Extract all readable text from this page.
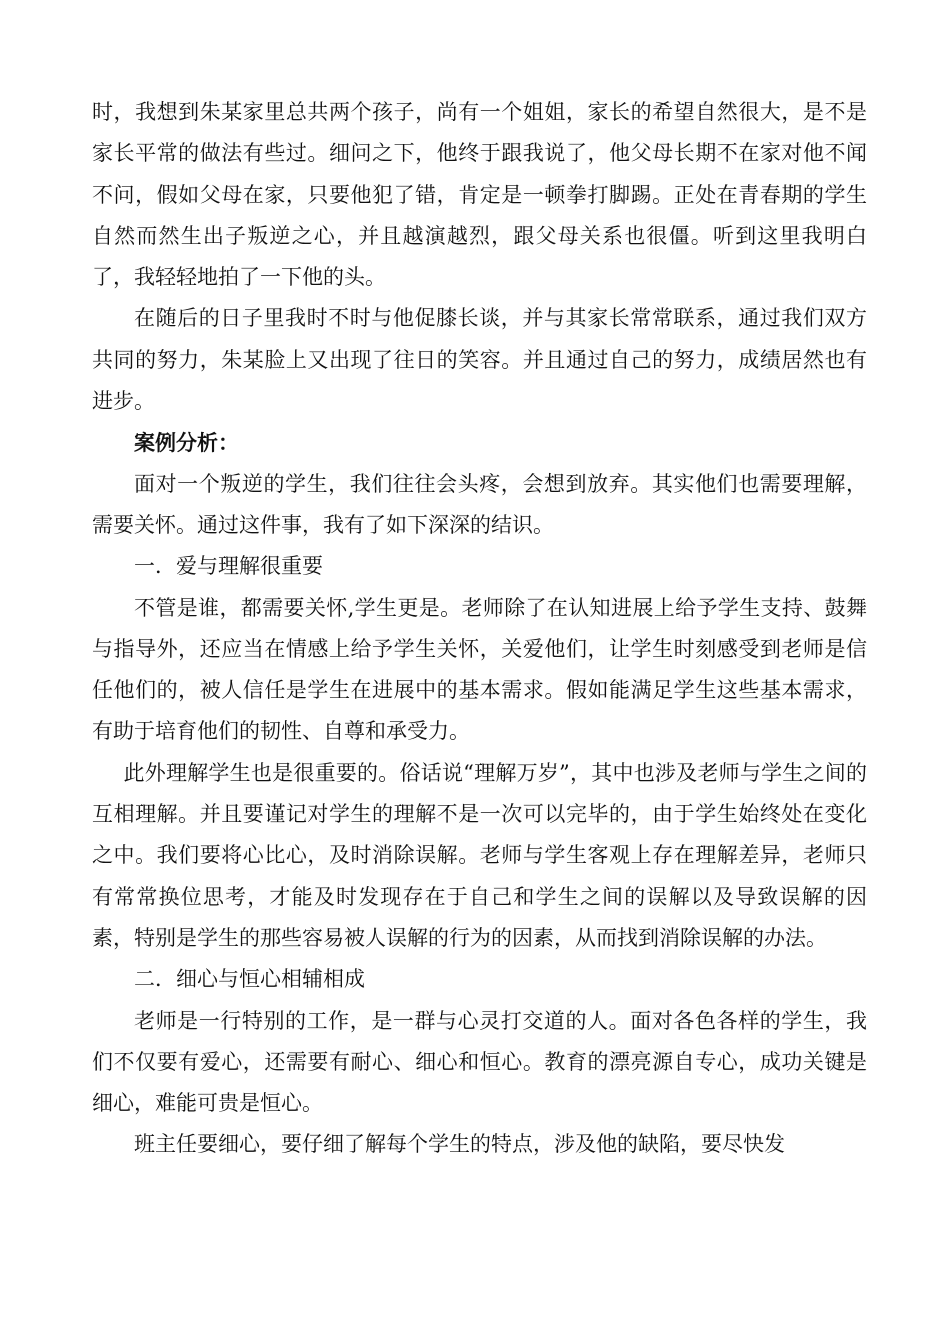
时，我想到朱某家里总共两个孩子，尚有一个姐姐，家长的希望自然很大，是不是家长平常的做法有些过。细问之下，他终于跟我说了，他父母长期不在家对他不闻不问，假如父母在家，只要他犯了错，肯定是一顿拳打脚踢。正处在青春期的学生自然而然生出子叛逆之心，并且越演越烈，跟父母关系也很僵。听到这里我明白了，我轻轻地拍了一下他的头。

在随后的日子里我时不时与他促膝长谈，并与其家长常常联系，通过我们双方共同的努力，朱某脸上又出现了往日的笑容。并且通过自己的努力，成绩居然也有进步。

案例分析：

面对一个叛逆的学生，我们往往会头疼，会想到放弃。其实他们也需要理解，需要关怀。通过这件事，我有了如下深深的结识。

一．爱与理解很重要

不管是谁，都需要关怀,学生更是。老师除了在认知进展上给予学生支持、鼓舞与指导外，还应当在情感上给予学生关怀，关爱他们，让学生时刻感受到老师是信任他们的，被人信任是学生在进展中的基本需求。假如能满足学生这些基本需求，有助于培育他们的韧性、自尊和承受力。

此外理解学生也是很重要的。俗话说“理解万岁”，其中也涉及老师与学生之间的互相理解。并且要谨记对学生的理解不是一次可以完毕的，由于学生始终处在变化之中。我们要将心比心，及时消除误解。老师与学生客观上存在理解差异，老师只有常常换位思考，才能及时发现存在于自己和学生之间的误解以及导致误解的因素，特别是学生的那些容易被人误解的行为的因素，从而找到消除误解的办法。

二．细心与恒心相辅相成

老师是一行特别的工作，是一群与心灵打交道的人。面对各色各样的学生，我们不仅要有爱心，还需要有耐心、细心和恒心。教育的漂亮源自专心，成功关键是细心，难能可贵是恒心。

班主任要细心，要仔细了解每个学生的特点，涉及他的缺陷，要尽快发
